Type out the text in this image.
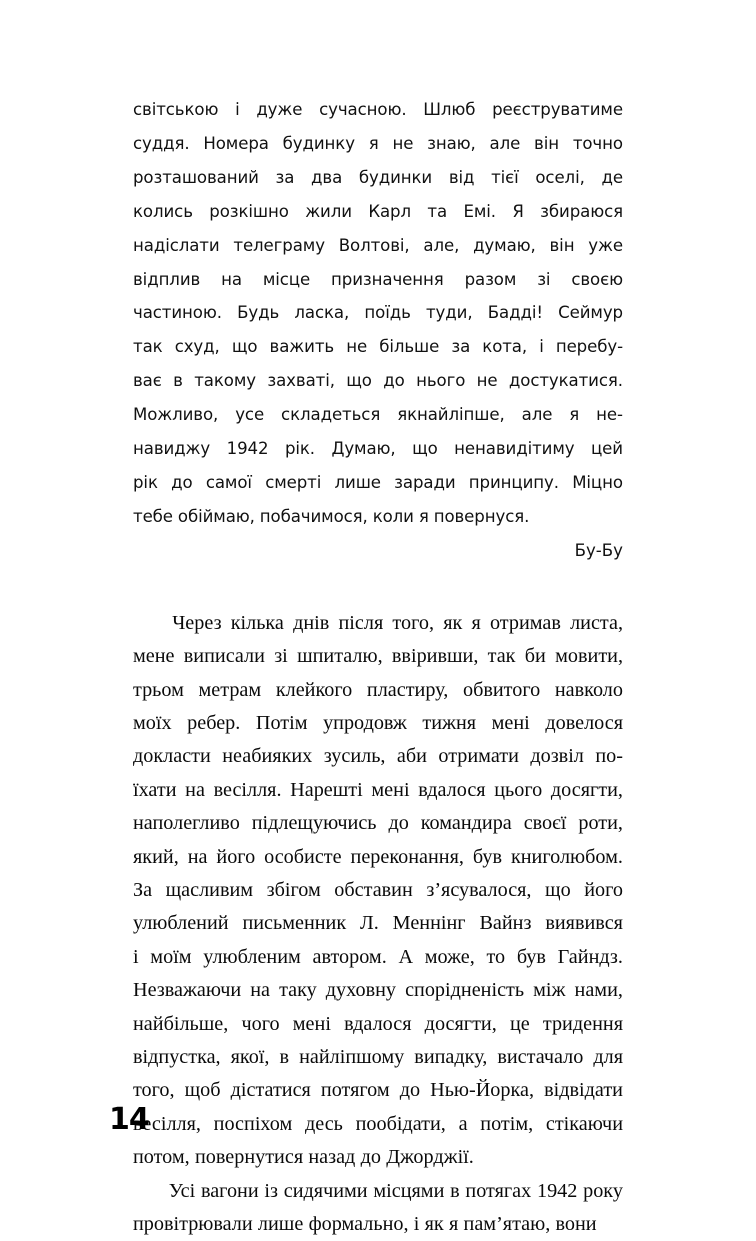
світською і дуже сучасною. Шлюб реєструватиме
суддя. Номера будинку я не знаю, але він точно
розташований за два будинки від тієї оселі, де
колись розкішно жили Карл та Емі. Я збираюся
надіслати телеграму Волтові, але, думаю, він уже
відплив на місце призначення разом зі своєю
частиною. Будь ласка, поїдь туди, Бадді! Сеймур
так схуд, що важить не більше за кота, і перебу-
ває в такому захваті, що до нього не достукатися.
Можливо, усе складеться якнайліпше, але я не-
навиджу 1942 рік. Думаю, що ненавидітиму цей
рік до самої смерті лише заради принципу. Міцно
тебе обіймаю, побачимося, коли я повернуся.
Бу-Бу
Через кілька днів після того, як я отримав листа,
мене виписали зі шпиталю, ввіривши, так би мовити,
трьом метрам клейкого пластиру, обвитого навколо
моїх ребер. Потім упродовж тижня мені довелося
докласти неабияких зусиль, аби отримати дозвіл по-
їхати на весілля. Нарешті мені вдалося цього досягти,
наполегливо підлещуючись до командира своєї роти,
який, на його особисте переконання, був книголюбом.
За щасливим збігом обставин з’ясувалося, що його
улюблений письменник Л. Меннінг Вайнз виявився
і моїм улюбленим автором. А може, то був Гайндз.
Незважаючи на таку духовну спорідненість між нами,
найбільше, чого мені вдалося досягти, це тридення
відпустка, якої, в найліпшому випадку, вистачало для
того, щоб дістатися потягом до Нью-Йорка, відвідати
весілля, поспіхом десь пообідати, а потім, стікаючи
потом, повернутися назад до Джорджії.
Усі вагони із сидячими місцями в потягах 1942 року
провітрювали лише формально, і як я пам’ятаю, вони
14
